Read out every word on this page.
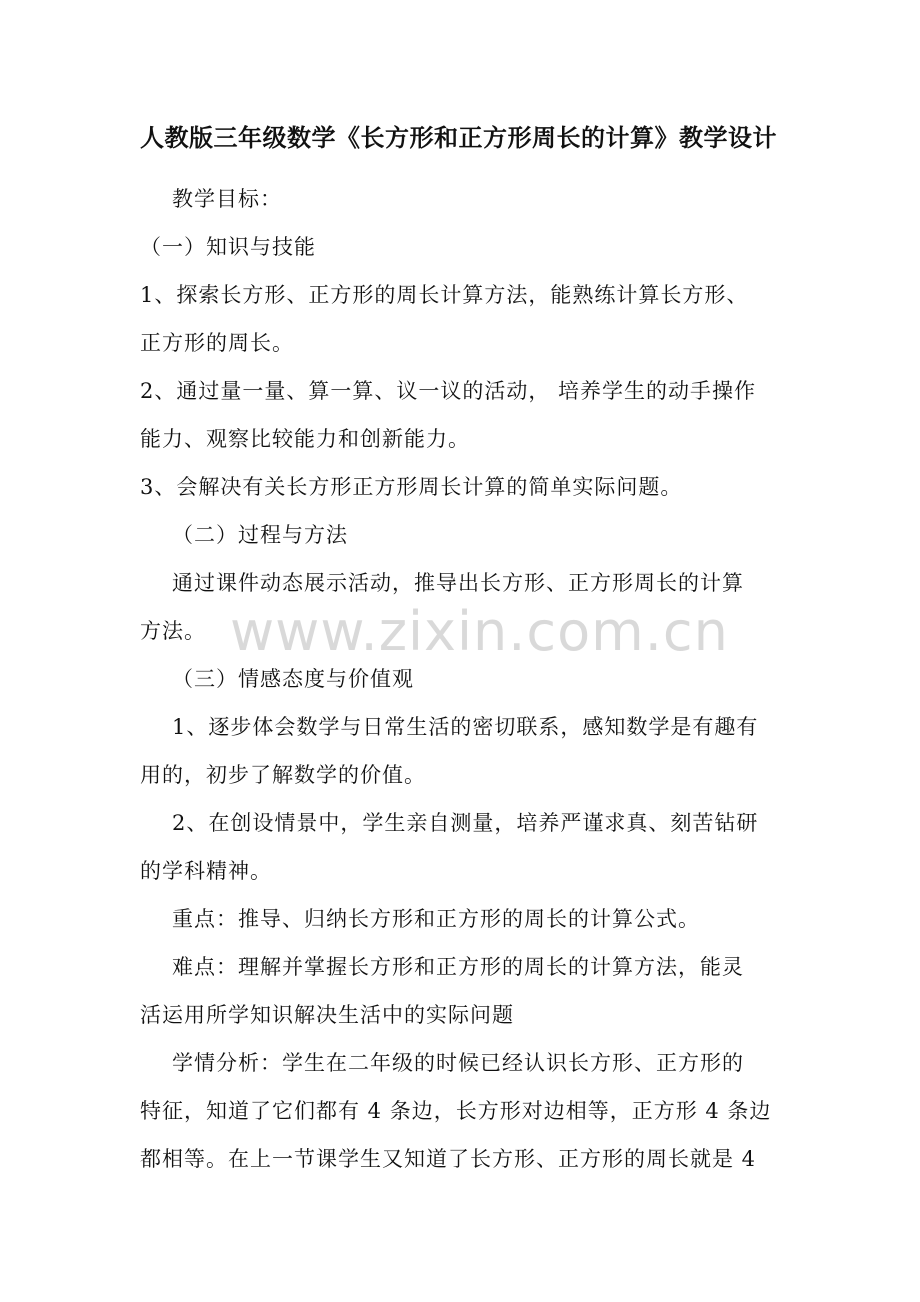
人教版三年级数学《长方形和正方形周长的计算》教学设计
教学目标：
（一）知识与技能
1、探索长方形、正方形的周长计算方法，能熟练计算长方形、
正方形的周长。
2、通过量一量、算一算、议一议的活动， 培养学生的动手操作
能力、观察比较能力和创新能力。
3、会解决有关长方形正方形周长计算的简单实际问题。
（二）过程与方法
通过课件动态展示活动，推导出长方形、正方形周长的计算
方法。
（三）情感态度与价值观
1、逐步体会数学与日常生活的密切联系，感知数学是有趣有
用的，初步了解数学的价值。
2、在创设情景中，学生亲自测量，培养严谨求真、刻苦钻研
的学科精神。
重点：推导、归纳长方形和正方形的周长的计算公式。
难点：理解并掌握长方形和正方形的周长的计算方法，能灵
活运用所学知识解决生活中的实际问题
学情分析：学生在二年级的时候已经认识长方形、正方形的
特征，知道了它们都有 4 条边，长方形对边相等，正方形 4 条边
都相等。在上一节课学生又知道了长方形、正方形的周长就是 4
www.zixin.com.cn
